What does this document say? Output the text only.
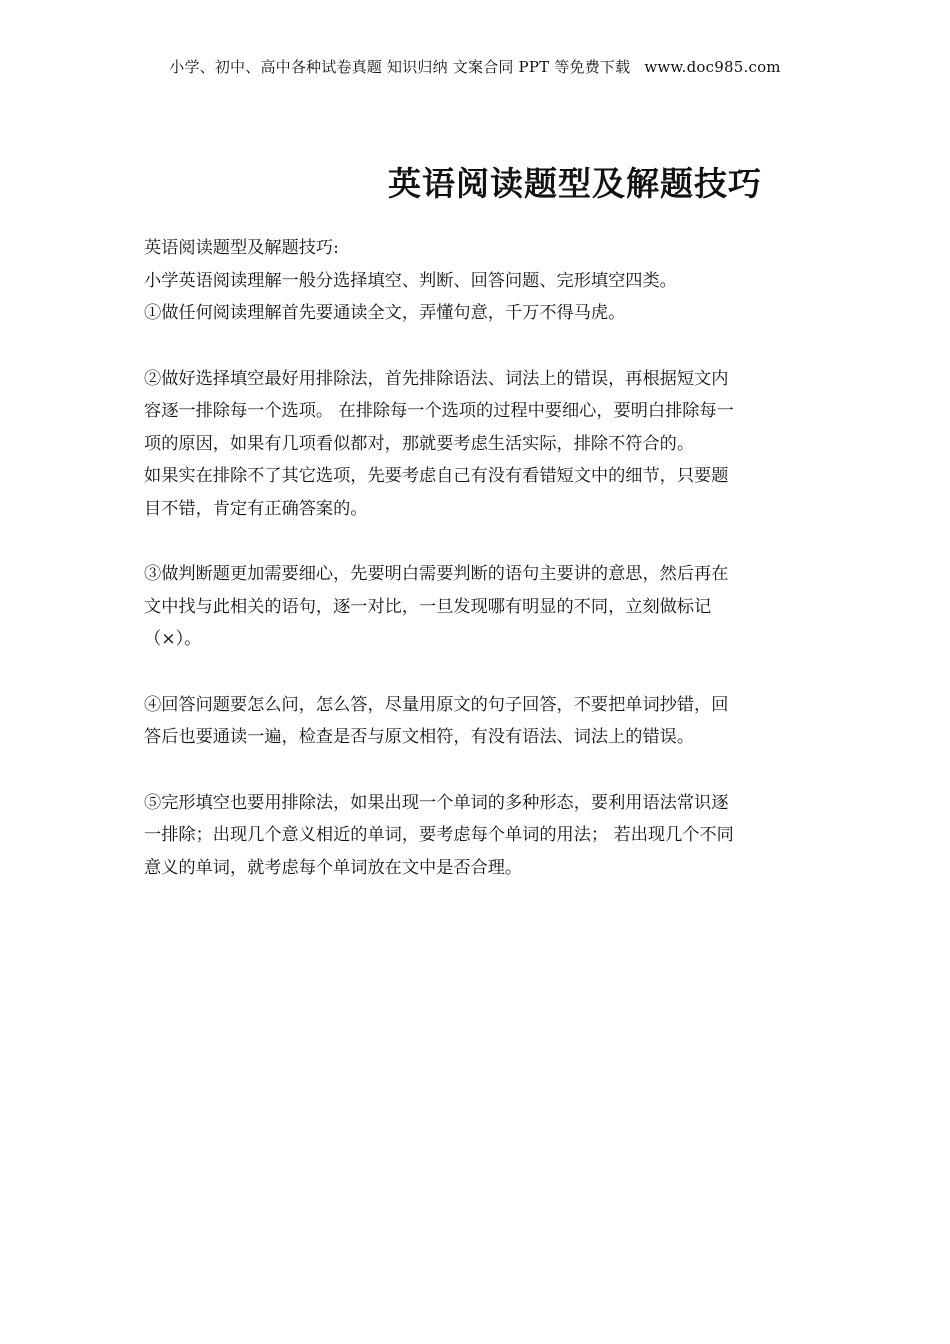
小学、初中、高中各种试卷真题 知识归纳 文案合同 PPT 等免费下载 www.doc985.com
英语阅读题型及解题技巧

英语阅读题型及解题技巧:

小学英语阅读理解一般分选择填空、判断、回答问题、完形填空四类。

①做任何阅读理解首先要通读全文，弄懂句意，千万不得马虎。

②做好选择填空最好用排除法，首先排除语法、词法上的错误，再根据短文内

容逐一排除每一个选项。 在排除每一个选项的过程中要细心，要明白排除每一

项的原因，如果有几项看似都对，那就要考虑生活实际，排除不符合的。

如果实在排除不了其它选项，先要考虑自己有没有看错短文中的细节，只要题

目不错，肯定有正确答案的。

③做判断题更加需要细心，先要明白需要判断的语句主要讲的意思，然后再在

文中找与此相关的语句，逐一对比，一旦发现哪有明显的不同，立刻做标记

（×）。

④回答问题要怎么问，怎么答，尽量用原文的句子回答，不要把单词抄错，回

答后也要通读一遍，检查是否与原文相符，有没有语法、词法上的错误。

⑤完形填空也要用排除法，如果出现一个单词的多种形态，要利用语法常识逐

一排除；出现几个意义相近的单词，要考虑每个单词的用法； 若出现几个不同

意义的单词，就考虑每个单词放在文中是否合理。
